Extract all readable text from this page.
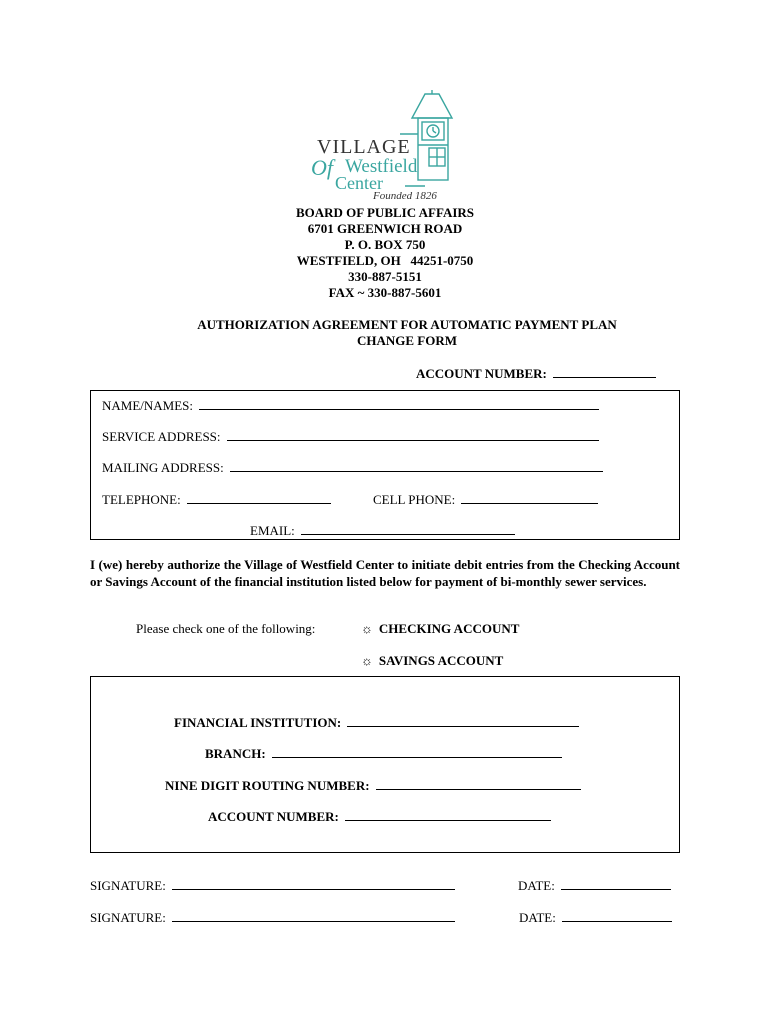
VILLAGE
Of Westfield
Center
Founded 1826
BOARD OF PUBLIC AFFAIRS
6701 GREENWICH ROAD
P. O. BOX 750
WESTFIELD, OH   44251-0750
330-887-5151
FAX ~ 330-887-5601
AUTHORIZATION AGREEMENT FOR AUTOMATIC PAYMENT PLAN
CHANGE FORM
ACCOUNT NUMBER:
NAME/NAMES:
SERVICE ADDRESS:
MAILING ADDRESS:
TELEPHONE:	CELL PHONE:
EMAIL:
I (we) hereby authorize the Village of Westfield Center to initiate debit entries from the Checking Account or Savings Account of the financial institution listed below for payment of bi-monthly sewer services.
Please check one of the following:	☼ CHECKING ACCOUNT
☼ SAVINGS ACCOUNT
FINANCIAL INSTITUTION:
BRANCH:
NINE DIGIT ROUTING NUMBER:
ACCOUNT NUMBER:
SIGNATURE:	DATE:
SIGNATURE:	DATE:
